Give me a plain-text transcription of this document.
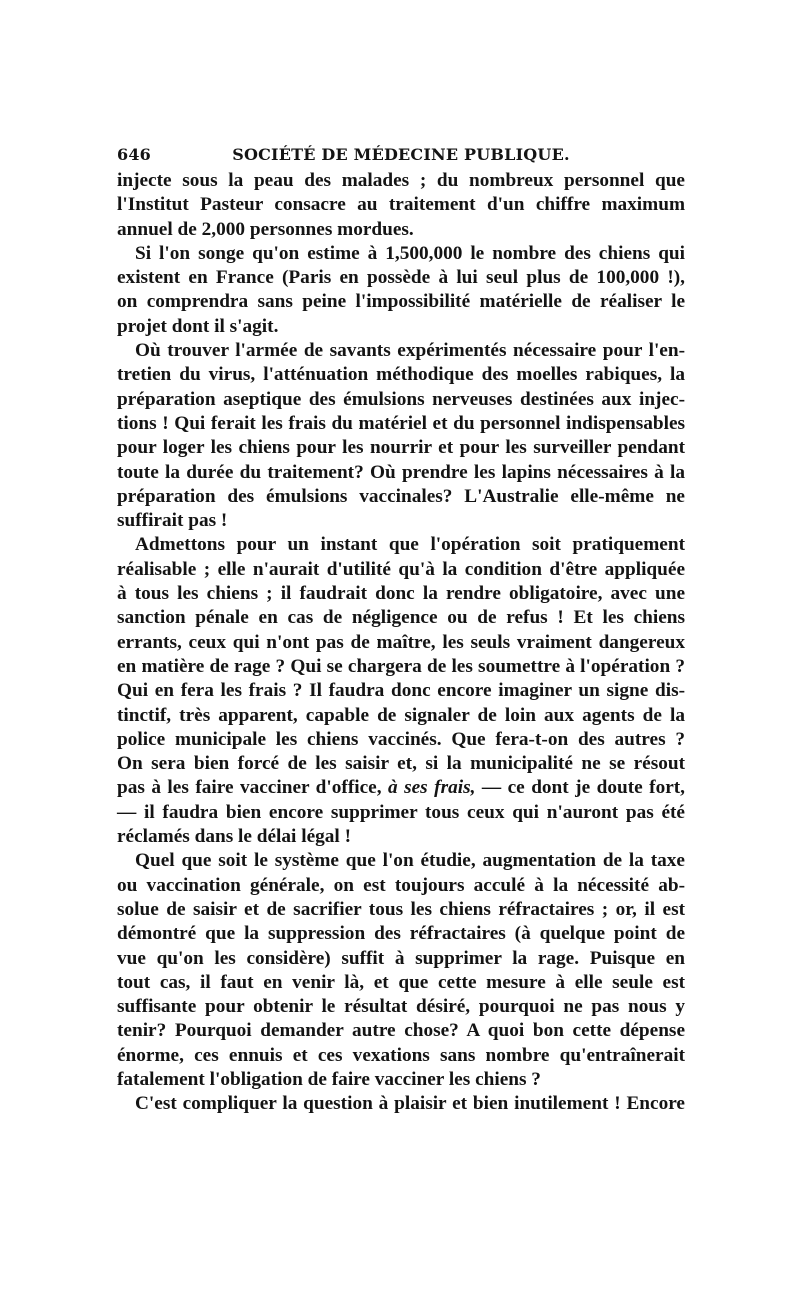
646	SOCIÉTÉ DE MÉDECINE PUBLIQUE.
injecte sous la peau des malades ; du nombreux personnel que
l'Institut Pasteur consacre au traitement d'un chiffre maximum
annuel de 2,000 personnes mordues.
Si l'on songe qu'on estime à 1,500,000 le nombre des chiens qui
existent en France (Paris en possède à lui seul plus de 100,000 !),
on comprendra sans peine l'impossibilité matérielle de réaliser le
projet dont il s'agit.
Où trouver l'armée de savants expérimentés nécessaire pour l'en-
tretien du virus, l'atténuation méthodique des moelles rabiques, la
préparation aseptique des émulsions nerveuses destinées aux injec-
tions ! Qui ferait les frais du matériel et du personnel indispensables
pour loger les chiens pour les nourrir et pour les surveiller pendant
toute la durée du traitement? Où prendre les lapins nécessaires à la
préparation des émulsions vaccinales? L'Australie elle-même ne
suffirait pas !
Admettons pour un instant que l'opération soit pratiquement
réalisable ; elle n'aurait d'utilité qu'à la condition d'être appliquée
à tous les chiens ; il faudrait donc la rendre obligatoire, avec une
sanction pénale en cas de négligence ou de refus ! Et les chiens
errants, ceux qui n'ont pas de maître, les seuls vraiment dangereux
en matière de rage ? Qui se chargera de les soumettre à l'opération ?
Qui en fera les frais ? Il faudra donc encore imaginer un signe dis-
tinctif, très apparent, capable de signaler de loin aux agents de la
police municipale les chiens vaccinés. Que fera-t-on des autres ?
On sera bien forcé de les saisir et, si la municipalité ne se résout
pas à les faire vacciner d'office, à ses frais, — ce dont je doute fort,
— il faudra bien encore supprimer tous ceux qui n'auront pas été
réclamés dans le délai légal !
Quel que soit le système que l'on étudie, augmentation de la taxe
ou vaccination générale, on est toujours acculé à la nécessité ab-
solue de saisir et de sacrifier tous les chiens réfractaires ; or, il est
démontré que la suppression des réfractaires (à quelque point de
vue qu'on les considère) suffit à supprimer la rage. Puisque en
tout cas, il faut en venir là, et que cette mesure à elle seule est
suffisante pour obtenir le résultat désiré, pourquoi ne pas nous y
tenir? Pourquoi demander autre chose? A quoi bon cette dépense
énorme, ces ennuis et ces vexations sans nombre qu'entraînerait
fatalement l'obligation de faire vacciner les chiens ?
C'est compliquer la question à plaisir et bien inutilement ! Encore
